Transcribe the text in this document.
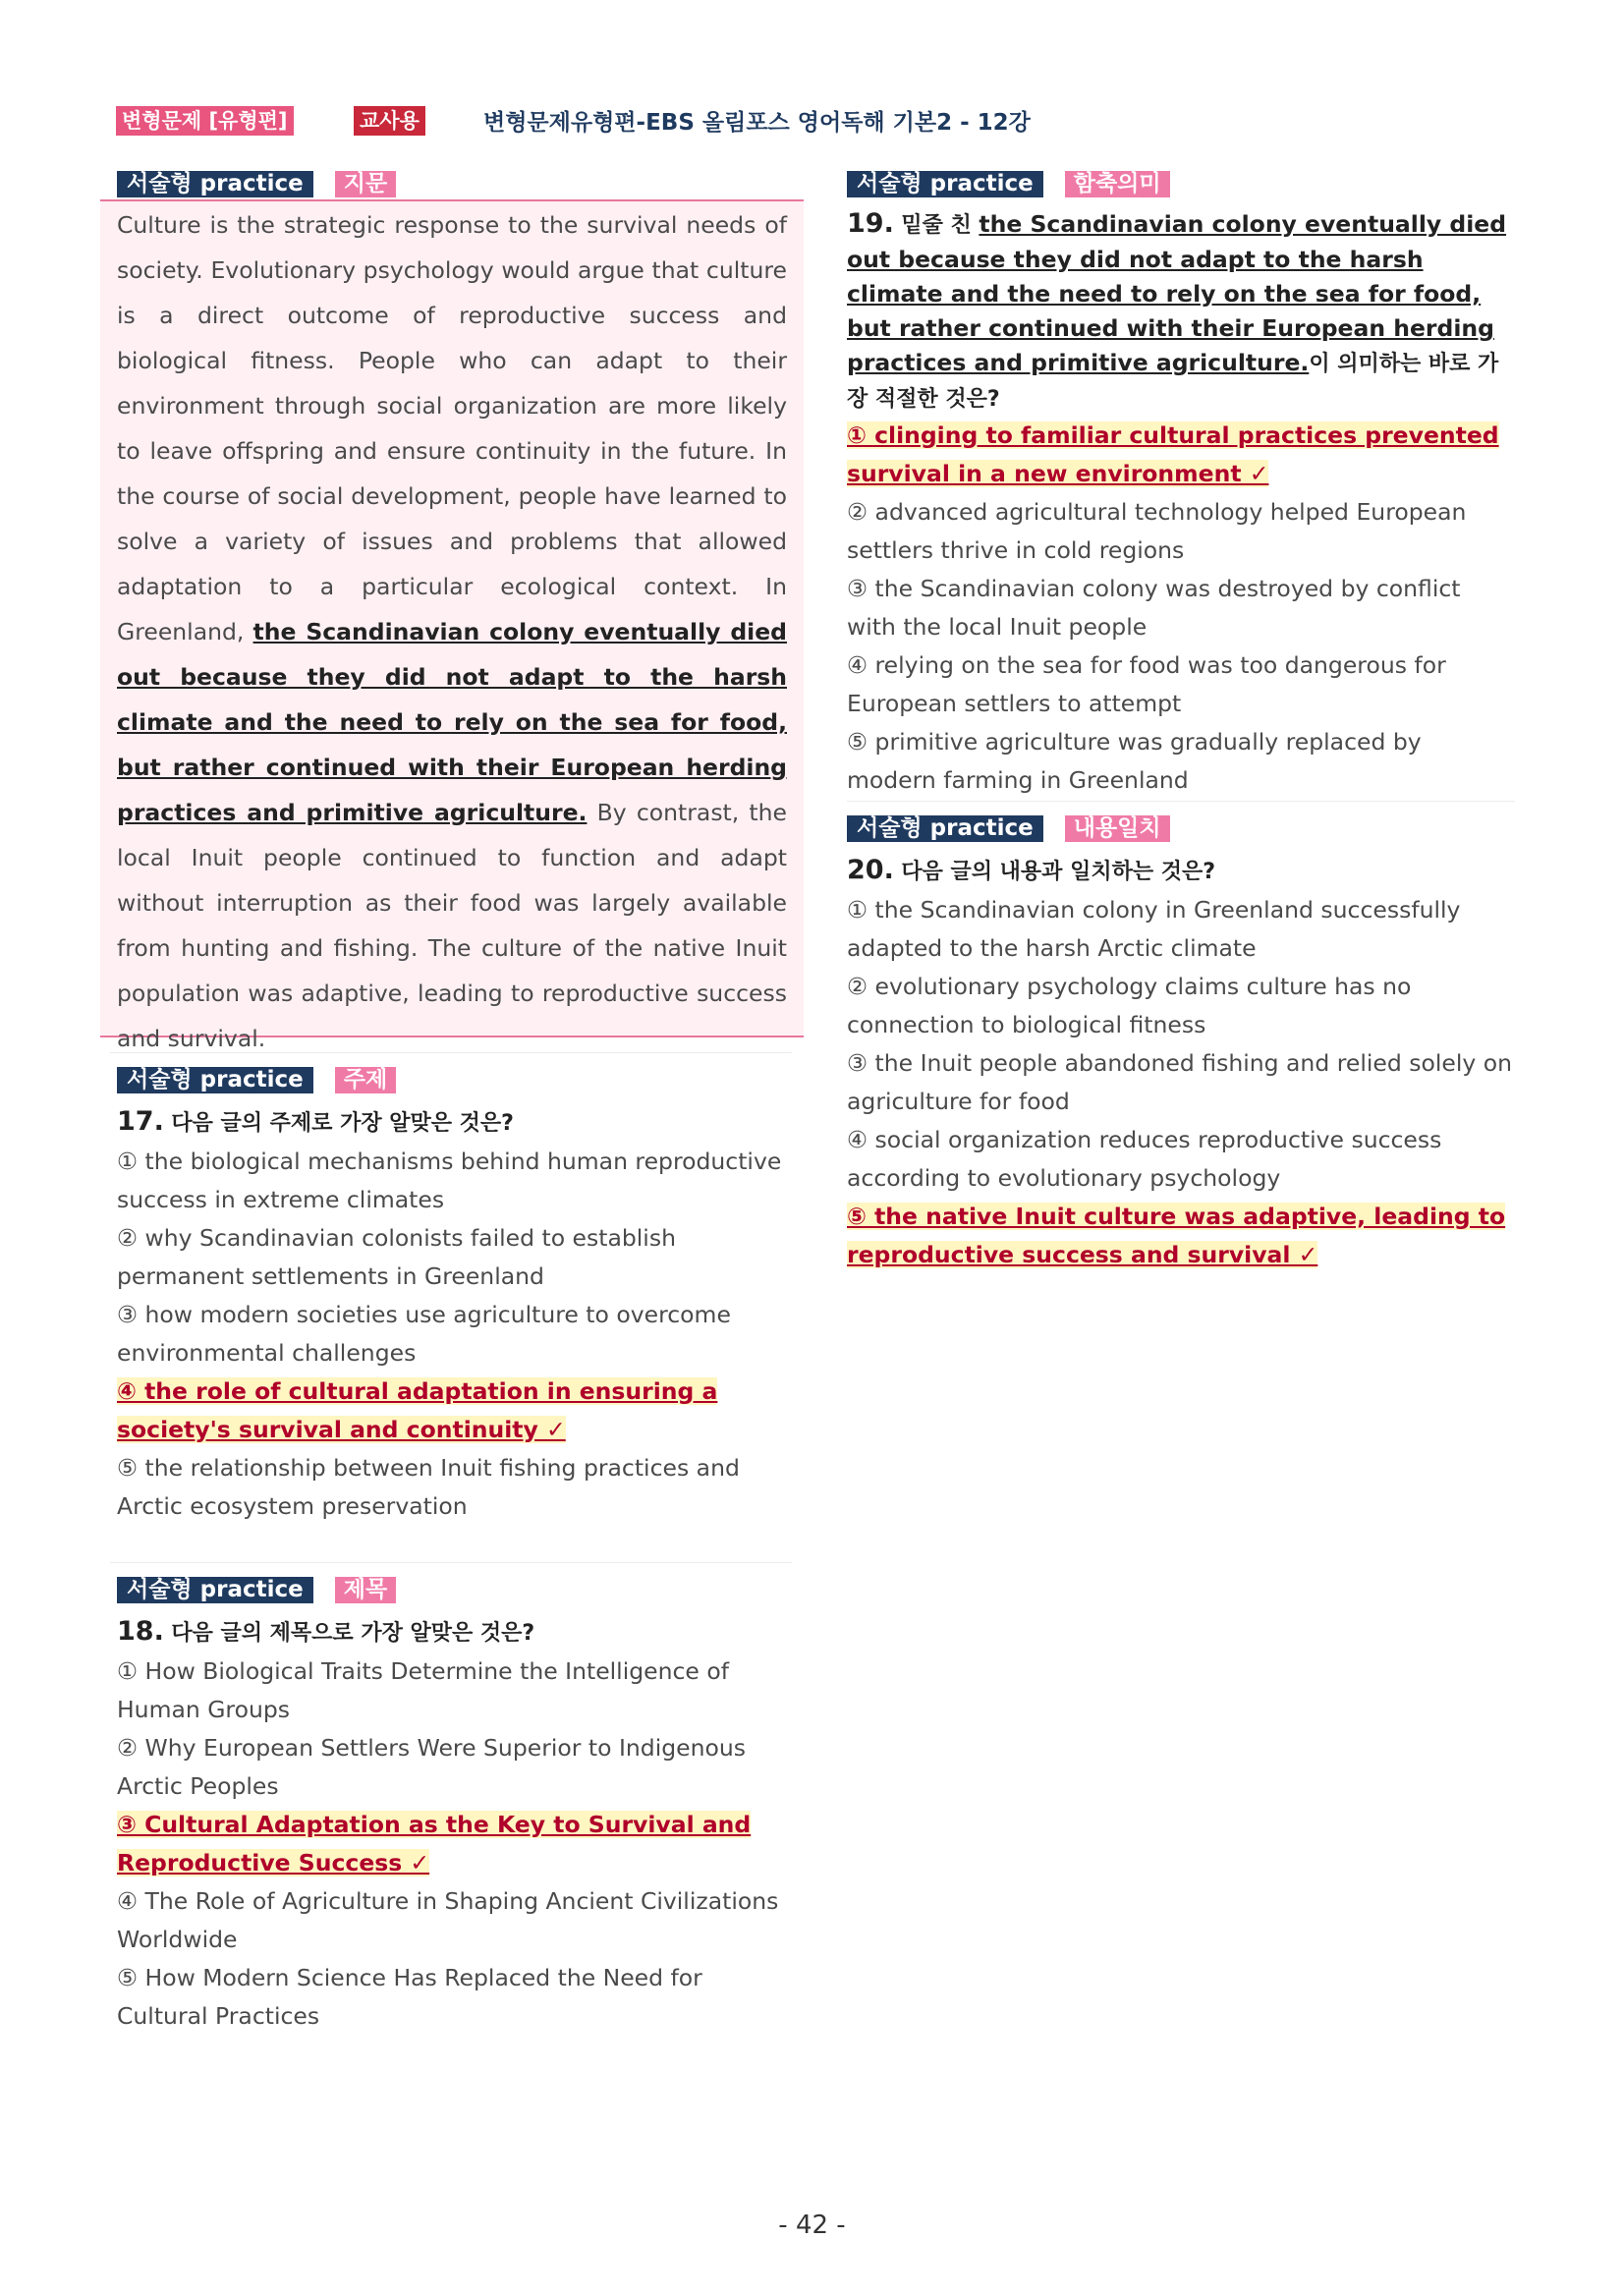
변형문제 [유형편]	교사용	변형문제유형편-EBS 올림포스 영어독해 기본2 - 12강
서술형 practice	지문
Culture is the strategic response to the survival needs of society. Evolutionary psychology would argue that culture is a direct outcome of reproductive success and biological fitness. People who can adapt to their environment through social organization are more likely to leave offspring and ensure continuity in the future. In the course of social development, people have learned to solve a variety of issues and problems that allowed adaptation to a particular ecological context. In Greenland, the Scandinavian colony eventually died out because they did not adapt to the harsh climate and the need to rely on the sea for food, but rather continued with their European herding practices and primitive agriculture. By contrast, the local Inuit people continued to function and adapt without interruption as their food was largely available from hunting and fishing. The culture of the native Inuit population was adaptive, leading to reproductive success and survival.
서술형 practice	주제
17. 다음 글의 주제로 가장 알맞은 것은?
① the biological mechanisms behind human reproductive success in extreme climates
② why Scandinavian colonists failed to establish permanent settlements in Greenland
③ how modern societies use agriculture to overcome environmental challenges
④ the role of cultural adaptation in ensuring a society's survival and continuity ✓
⑤ the relationship between Inuit fishing practices and Arctic ecosystem preservation
서술형 practice	제목
18. 다음 글의 제목으로 가장 알맞은 것은?
① How Biological Traits Determine the Intelligence of Human Groups
② Why European Settlers Were Superior to Indigenous Arctic Peoples
③ Cultural Adaptation as the Key to Survival and Reproductive Success ✓
④ The Role of Agriculture in Shaping Ancient Civilizations Worldwide
⑤ How Modern Science Has Replaced the Need for Cultural Practices
서술형 practice	함축의미
19. 밑줄 친 the Scandinavian colony eventually died out because they did not adapt to the harsh climate and the need to rely on the sea for food, but rather continued with their European herding practices and primitive agriculture.이 의미하는 바로 가장 적절한 것은?
① clinging to familiar cultural practices prevented survival in a new environment ✓
② advanced agricultural technology helped European settlers thrive in cold regions
③ the Scandinavian colony was destroyed by conflict with the local Inuit people
④ relying on the sea for food was too dangerous for European settlers to attempt
⑤ primitive agriculture was gradually replaced by modern farming in Greenland
서술형 practice	내용일치
20. 다음 글의 내용과 일치하는 것은?
① the Scandinavian colony in Greenland successfully adapted to the harsh Arctic climate
② evolutionary psychology claims culture has no connection to biological fitness
③ the Inuit people abandoned fishing and relied solely on agriculture for food
④ social organization reduces reproductive success according to evolutionary psychology
⑤ the native Inuit culture was adaptive, leading to reproductive success and survival ✓
- 42 -
